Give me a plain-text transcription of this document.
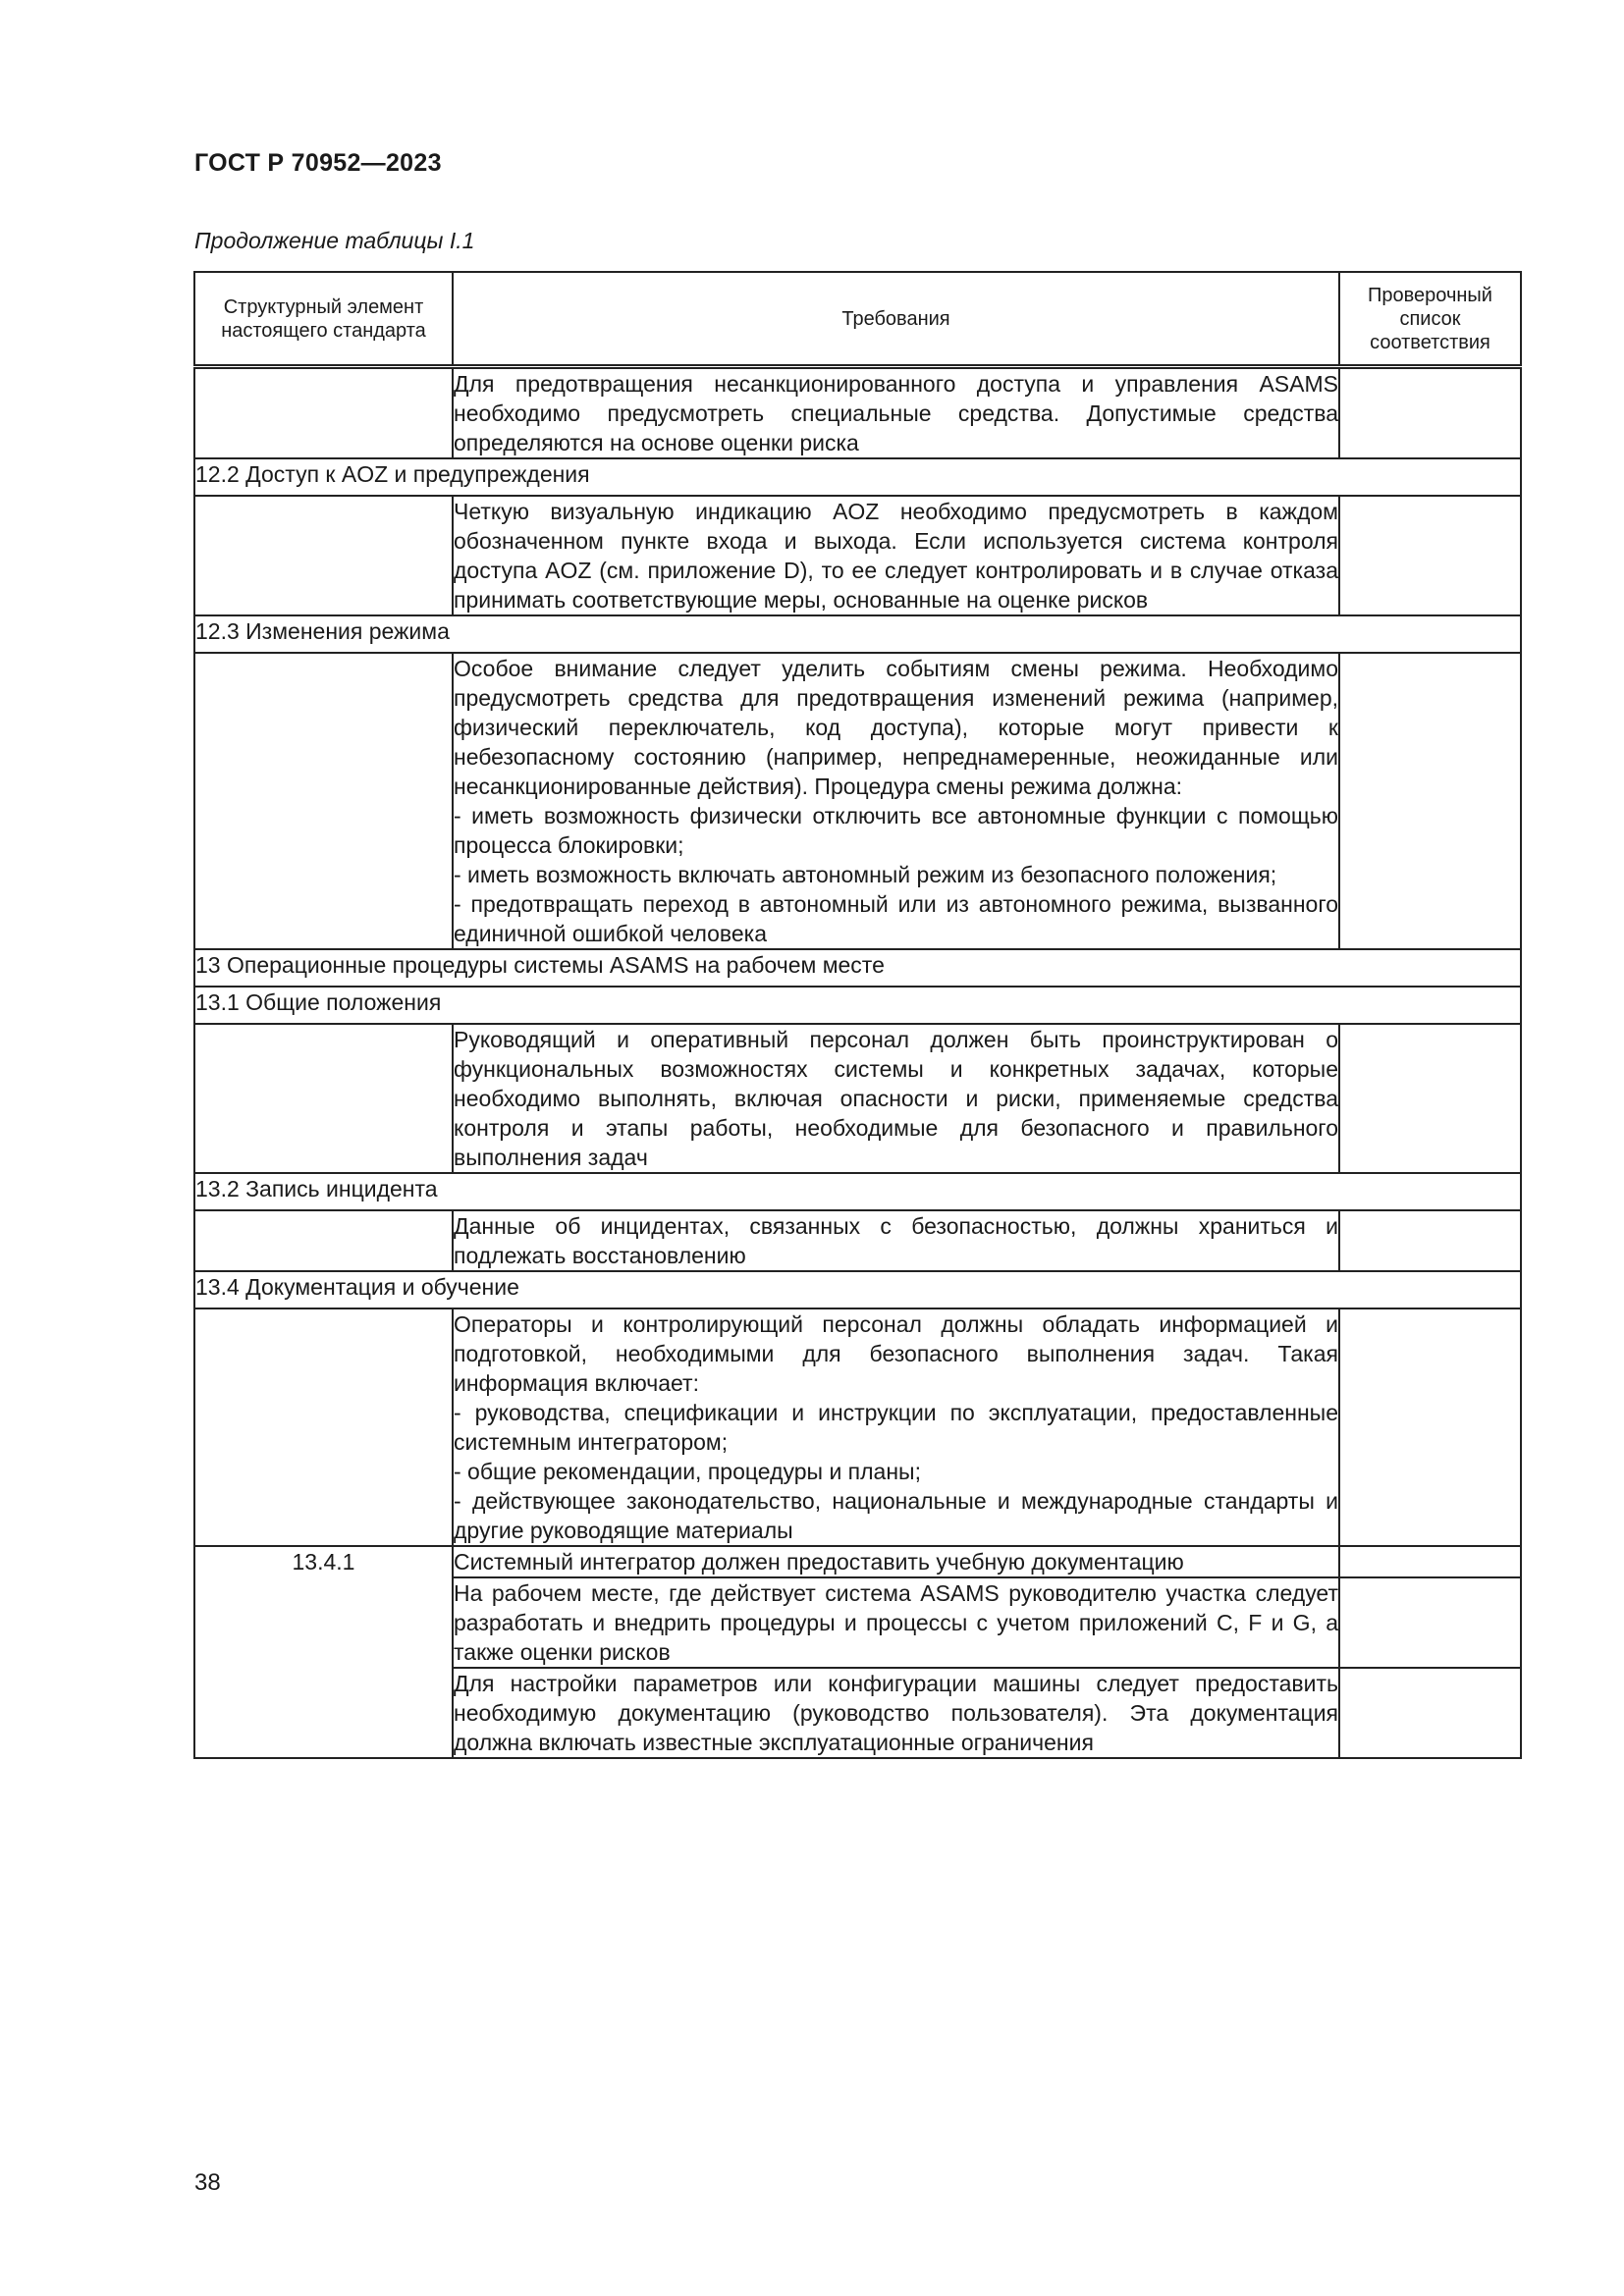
ГОСТ Р 70952—2023
Продолжение таблицы I.1
Структурный элемент настоящего стандарта	Требования	Проверочный список соответствия
	Для предотвращения несанкционированного доступа и управления ASAMS необходимо предусмотреть специальные средства. Допустимые средства определяются на основе оценки риска	
12.2 Доступ к AOZ и предупреждения		
	Четкую визуальную индикацию AOZ необходимо предусмотреть в каждом обозначенном пункте входа и выхода. Если используется система контроля доступа AOZ (см. приложение D), то ее следует контролировать и в случае отказа принимать соответствующие меры, основанные на оценке рисков	
12.3 Изменения режима		

	Особое внимание следует уделить событиям смены режима. Необходимо предусмотреть средства для предотвращения изменений режима (например, физический переключатель, код доступа), которые могут привести к небезопасному состоянию (например, непреднамеренные, неожиданные или несанкционированные действия). Процедура смены режима должна:
- иметь возможность физически отключить все автономные функции с помощью процесса блокировки;
- иметь возможность включать автономный режим из безопасного положения;
- предотвращать переход в автономный или из автономного режима, вызванного единичной ошибкой человека	

13 Операционные процедуры системы ASAMS на рабочем месте		
13.1 Общие положения		
	Руководящий и оперативный персонал должен быть проинструктирован о функциональных возможностях системы и конкретных задачах, которые необходимо выполнять, включая опасности и риски, применяемые средства контроля и этапы работы, необходимые для безопасного и правильного выполнения задач	
13.2 Запись инцидента		
	Данные об инцидентах, связанных с безопасностью, должны храниться и подлежать восстановлению	
13.4 Документация и обучение		

	Операторы и контролирующий персонал должны обладать информацией и подготовкой, необходимыми для безопасного выполнения задач. Такая информация включает:
- руководства, спецификации и инструкции по эксплуатации, предоставленные системным интегратором;
- общие рекомендации, процедуры и планы;
- действующее законодательство, национальные и международные стандарты и другие руководящие материалы	

13.4.1	Системный интегратор должен предоставить учебную документацию	
	На рабочем месте, где действует система ASAMS руководителю участка следует разработать и внедрить процедуры и процессы с учетом приложений C, F и G, а также оценки рисков	
	Для настройки параметров или конфигурации машины следует предоставить необходимую документацию (руководство пользователя). Эта документация должна включать известные эксплуатационные ограничения	
38
